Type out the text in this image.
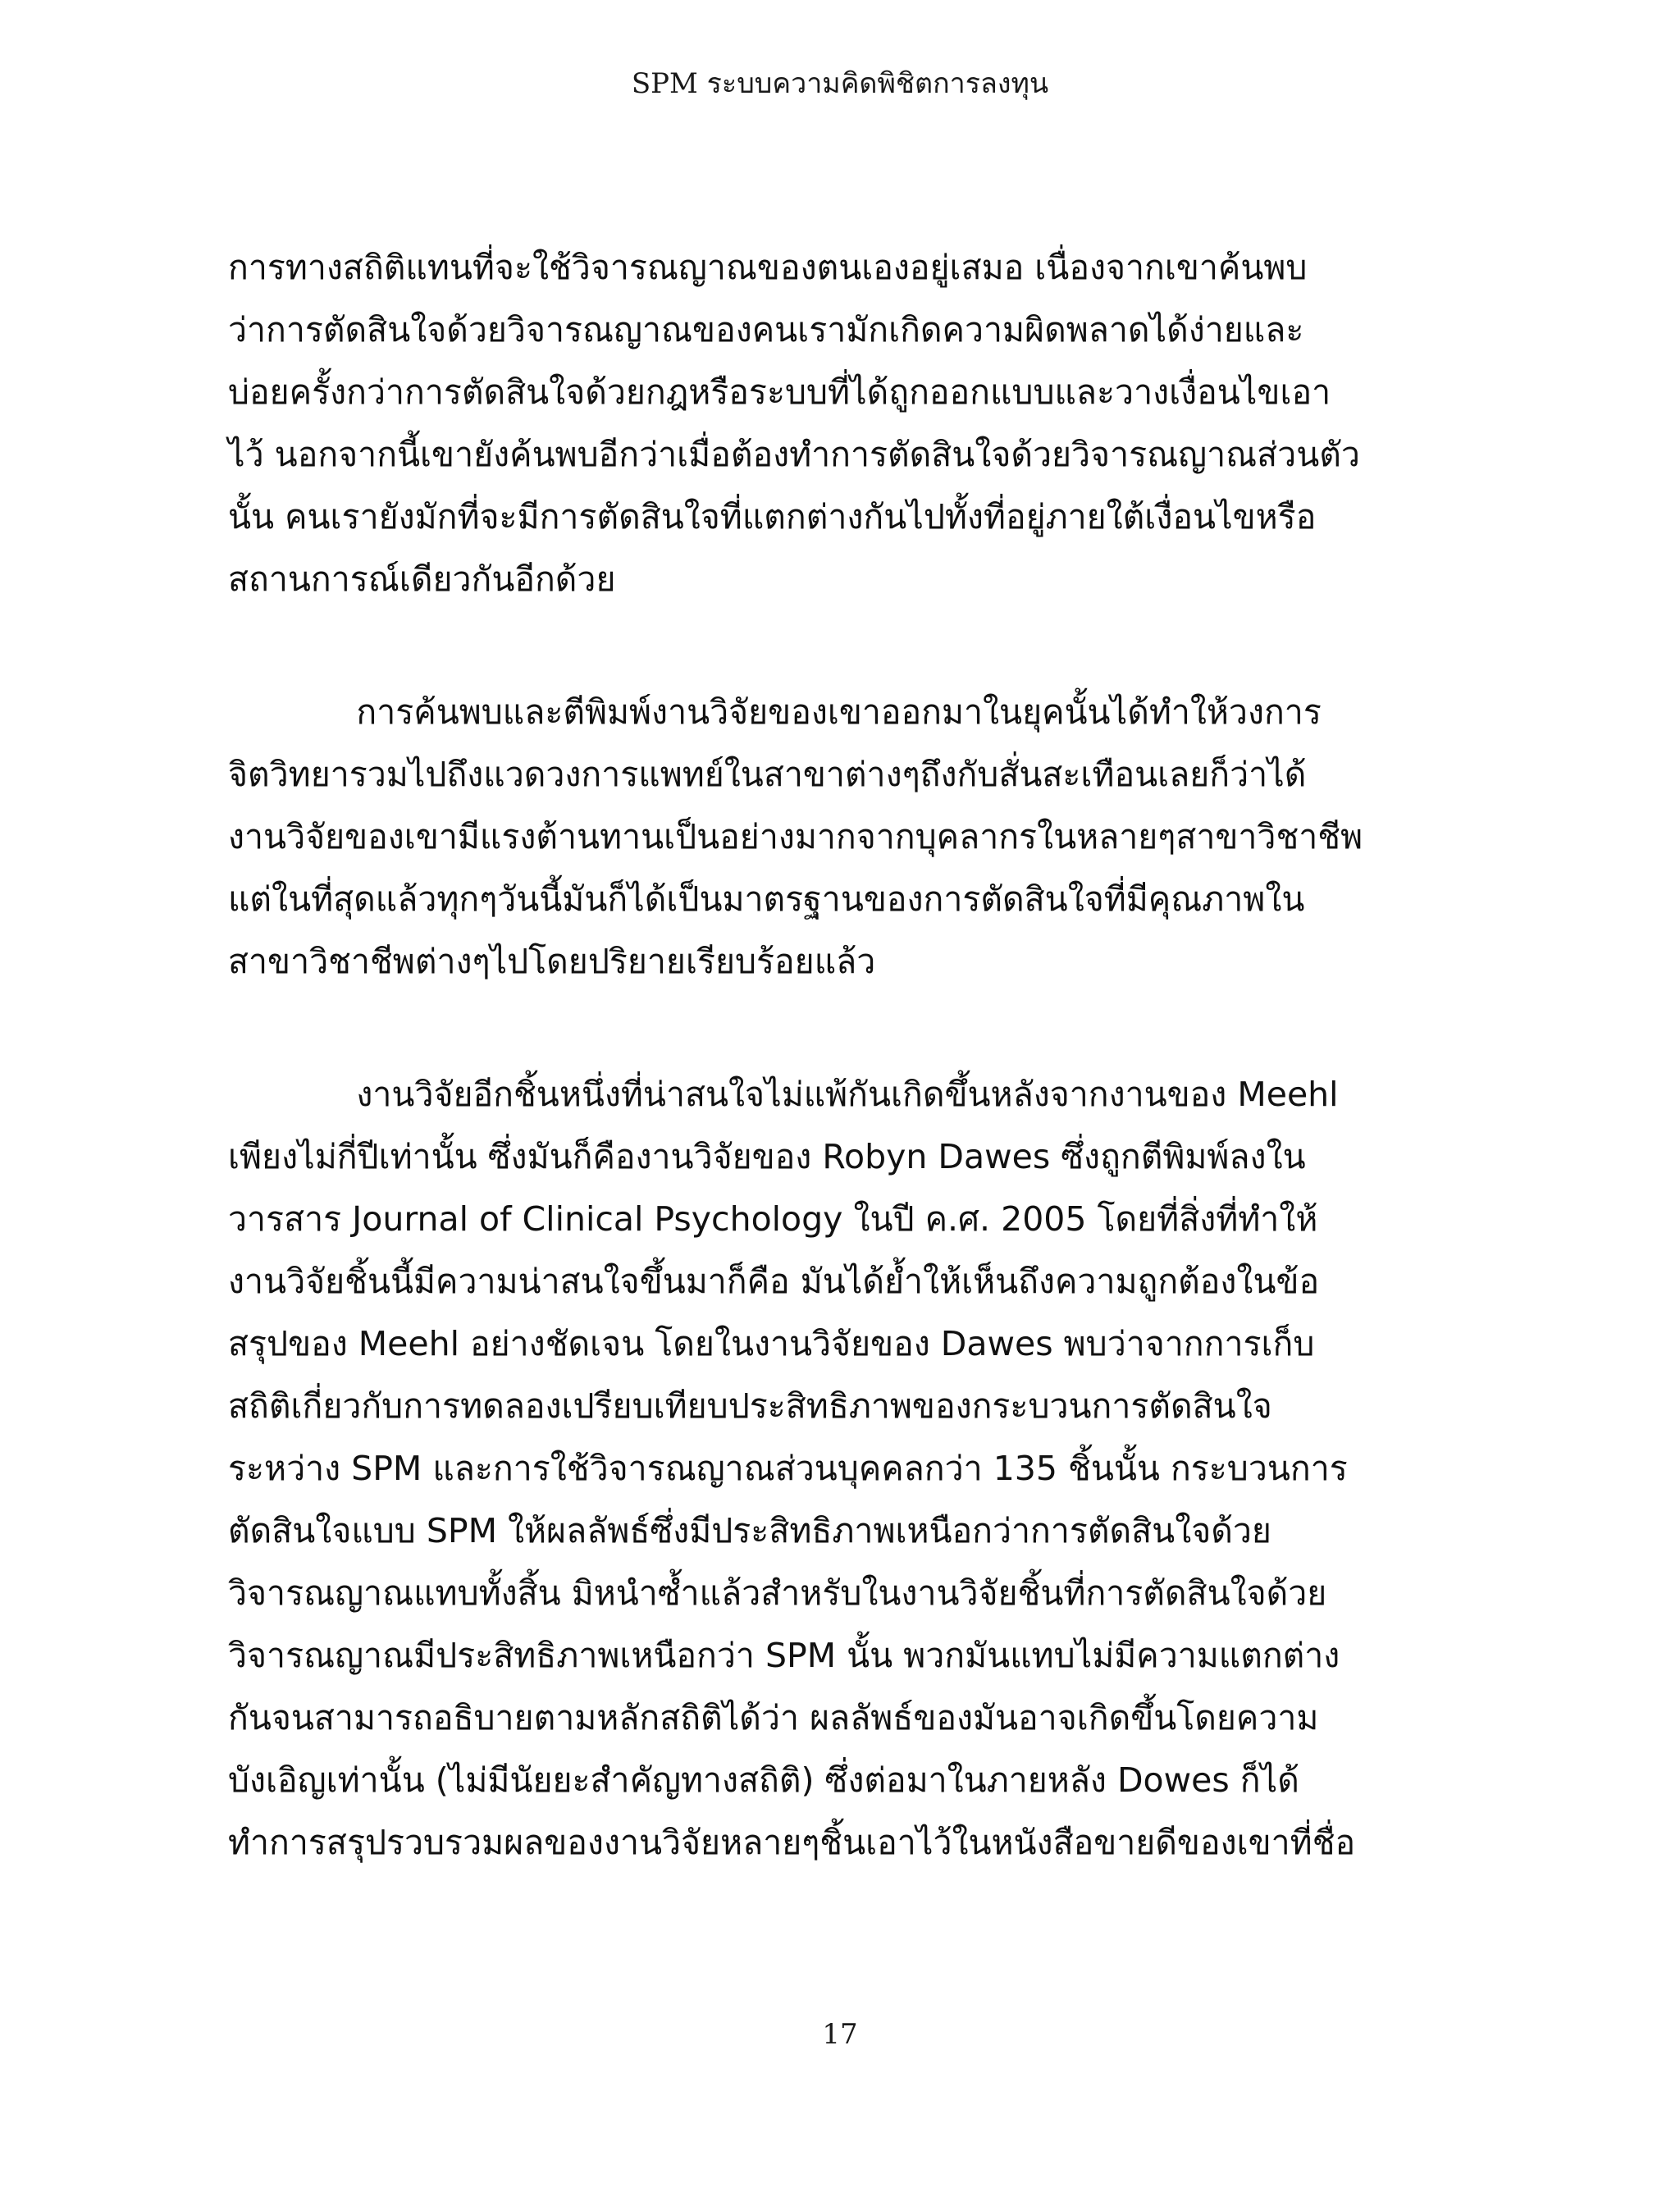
SPM ระบบความคิดพิชิตการลงทุน
การทางสถิติแทนที่จะใช้วิจารณญาณของตนเองอยู่เสมอ เนื่องจากเขาค้นพบ
ว่าการตัดสินใจด้วยวิจารณญาณของคนเรามักเกิดความผิดพลาดได้ง่ายและ
บ่อยครั้งกว่าการตัดสินใจด้วยกฎหรือระบบที่ได้ถูกออกแบบและวางเงื่อนไขเอา
ไว้ นอกจากนี้เขายังค้นพบอีกว่าเมื่อต้องทำการตัดสินใจด้วยวิจารณญาณส่วนตัว
นั้น คนเรายังมักที่จะมีการตัดสินใจที่แตกต่างกันไปทั้งที่อยู่ภายใต้เงื่อนไขหรือ
สถานการณ์เดียวกันอีกด้วย
การค้นพบและตีพิมพ์งานวิจัยของเขาออกมาในยุคนั้นได้ทำให้วงการ
จิตวิทยารวมไปถึงแวดวงการแพทย์ในสาขาต่างๆถึงกับสั่นสะเทือนเลยก็ว่าได้
งานวิจัยของเขามีแรงต้านทานเป็นอย่างมากจากบุคลากรในหลายๆสาขาวิชาชีพ
แต่ในที่สุดแล้วทุกๆวันนี้มันก็ได้เป็นมาตรฐานของการตัดสินใจที่มีคุณภาพใน
สาขาวิชาชีพต่างๆไปโดยปริยายเรียบร้อยแล้ว
งานวิจัยอีกชิ้นหนึ่งที่น่าสนใจไม่แพ้กันเกิดขึ้นหลังจากงานของ Meehl
เพียงไม่กี่ปีเท่านั้น ซึ่งมันก็คืองานวิจัยของ Robyn Dawes ซึ่งถูกตีพิมพ์ลงใน
วารสาร Journal of Clinical Psychology ในปี ค.ศ. 2005 โดยที่สิ่งที่ทำให้
งานวิจัยชิ้นนี้มีความน่าสนใจขึ้นมาก็คือ มันได้ย้ำให้เห็นถึงความถูกต้องในข้อ
สรุปของ Meehl อย่างชัดเจน โดยในงานวิจัยของ Dawes พบว่าจากการเก็บ
สถิติเกี่ยวกับการทดลองเปรียบเทียบประสิทธิภาพของกระบวนการตัดสินใจ
ระหว่าง SPM และการใช้วิจารณญาณส่วนบุคคลกว่า 135 ชิ้นนั้น กระบวนการ
ตัดสินใจแบบ SPM ให้ผลลัพธ์ซึ่งมีประสิทธิภาพเหนือกว่าการตัดสินใจด้วย
วิจารณญาณแทบทั้งสิ้น มิหนำซ้ำแล้วสำหรับในงานวิจัยชิ้นที่การตัดสินใจด้วย
วิจารณญาณมีประสิทธิภาพเหนือกว่า SPM นั้น พวกมันแทบไม่มีความแตกต่าง
กันจนสามารถอธิบายตามหลักสถิติได้ว่า ผลลัพธ์ของมันอาจเกิดขึ้นโดยความ
บังเอิญเท่านั้น (ไม่มีนัยยะสำคัญทางสถิติ) ซึ่งต่อมาในภายหลัง Dowes ก็ได้
ทำการสรุปรวบรวมผลของงานวิจัยหลายๆชิ้นเอาไว้ในหนังสือขายดีของเขาที่ชื่อ
17
